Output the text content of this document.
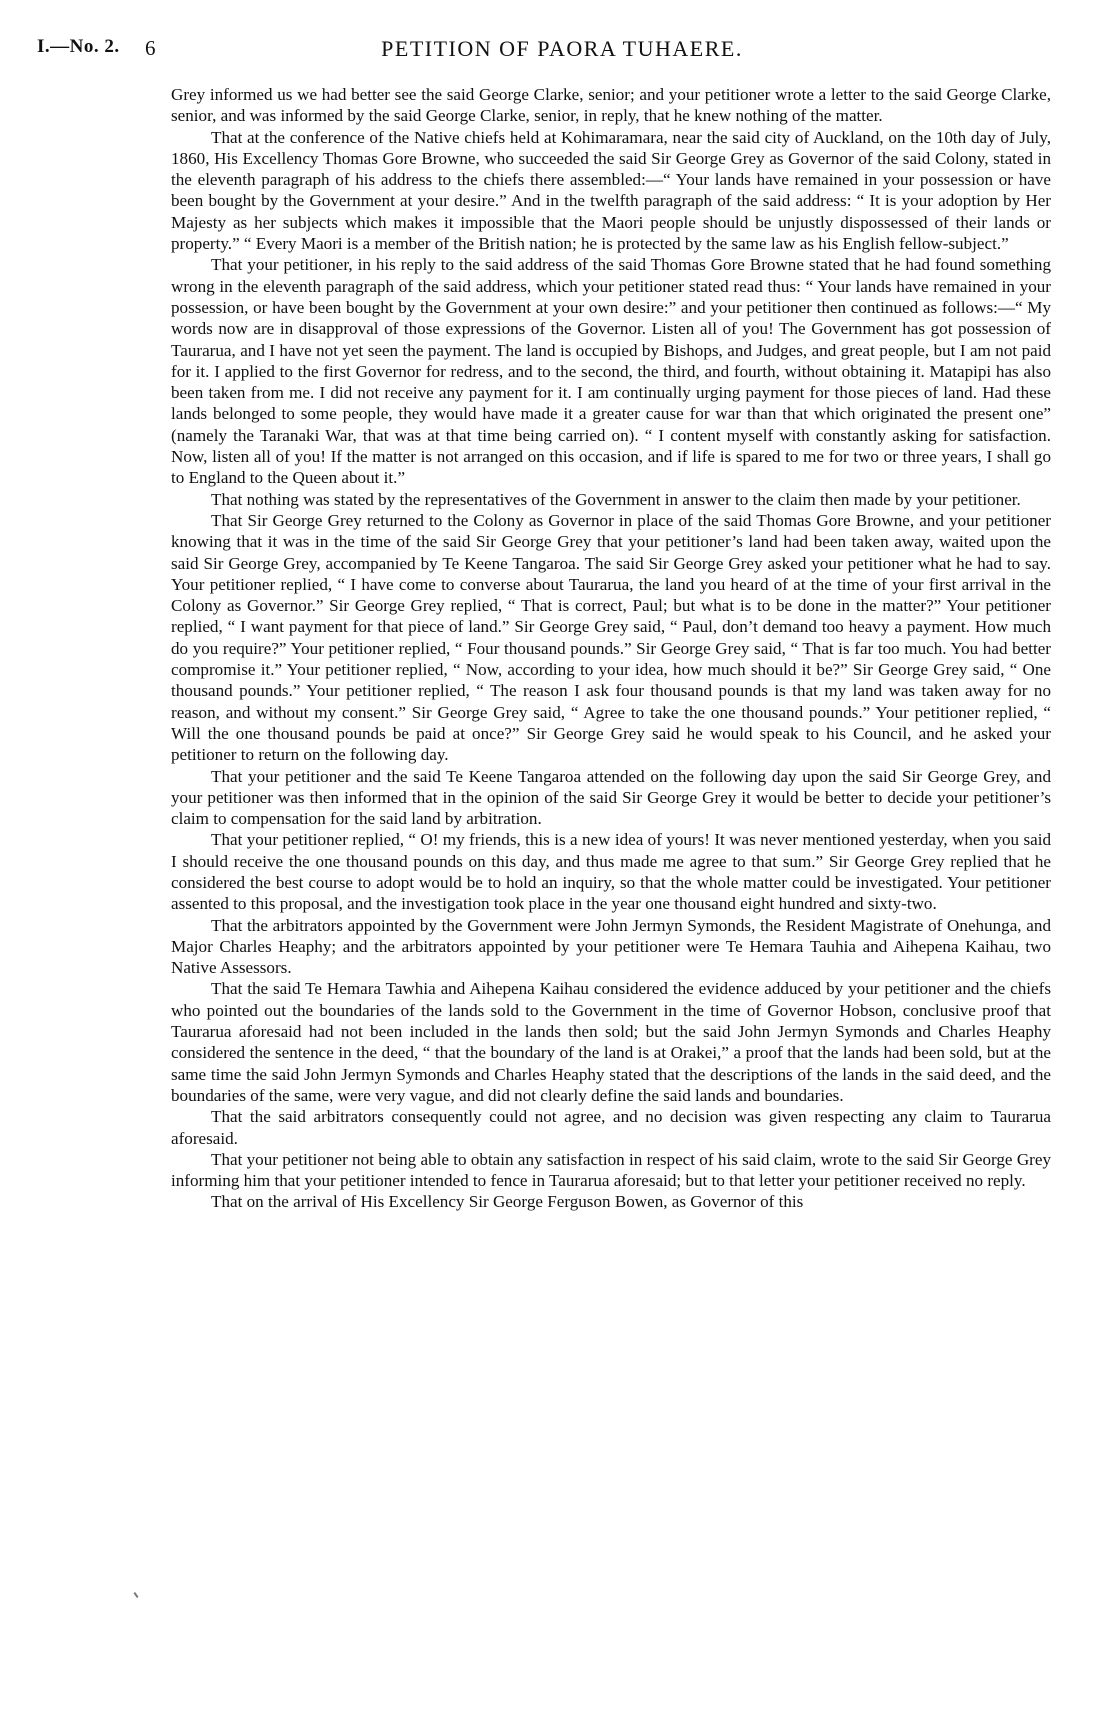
I.—No. 2. 6	PETITION OF PAORA TUHAERE.

Grey informed us we had better see the said George Clarke, senior; and your petitioner wrote a letter to the said George Clarke, senior, and was informed by the said George Clarke, senior, in reply, that he knew nothing of the matter.

That at the conference of the Native chiefs held at Kohimaramara, near the said city of Auckland, on the 10th day of July, 1860, His Excellency Thomas Gore Browne, who succeeded the said Sir George Grey as Governor of the said Colony, stated in the eleventh paragraph of his address to the chiefs there assembled:—“ Your lands have remained in your possession or have been bought by the Government at your desire.” And in the twelfth paragraph of the said address: “ It is your adoption by Her Majesty as her subjects which makes it impossible that the Maori people should be unjustly dispossessed of their lands or property.” “ Every Maori is a member of the British nation; he is protected by the same law as his English fellow-subject.”

That your petitioner, in his reply to the said address of the said Thomas Gore Browne stated that he had found something wrong in the eleventh paragraph of the said address, which your petitioner stated read thus: “ Your lands have remained in your possession, or have been bought by the Government at your own desire:” and your petitioner then continued as follows:—“ My words now are in disapproval of those expressions of the Governor. Listen all of you! The Government has got possession of Taurarua, and I have not yet seen the payment. The land is occupied by Bishops, and Judges, and great people, but I am not paid for it. I applied to the first Governor for redress, and to the second, the third, and fourth, without obtaining it. Matapipi has also been taken from me. I did not receive any payment for it. I am continually urging payment for those pieces of land. Had these lands belonged to some people, they would have made it a greater cause for war than that which originated the present one” (namely the Taranaki War, that was at that time being carried on). “ I content myself with constantly asking for satisfaction. Now, listen all of you! If the matter is not arranged on this occasion, and if life is spared to me for two or three years, I shall go to England to the Queen about it.”

That nothing was stated by the representatives of the Government in answer to the claim then made by your petitioner.

That Sir George Grey returned to the Colony as Governor in place of the said Thomas Gore Browne, and your petitioner knowing that it was in the time of the said Sir George Grey that your petitioner’s land had been taken away, waited upon the said Sir George Grey, accompanied by Te Keene Tangaroa. The said Sir George Grey asked your petitioner what he had to say. Your petitioner replied, “ I have come to converse about Taurarua, the land you heard of at the time of your first arrival in the Colony as Governor.” Sir George Grey replied, “ That is correct, Paul; but what is to be done in the matter?” Your petitioner replied, “ I want payment for that piece of land.” Sir George Grey said, “ Paul, don’t demand too heavy a payment. How much do you require?” Your petitioner replied, “ Four thousand pounds.” Sir George Grey said, “ That is far too much. You had better compromise it.” Your petitioner replied, “ Now, according to your idea, how much should it be?” Sir George Grey said, “ One thousand pounds.” Your petitioner replied, “ The reason I ask four thousand pounds is that my land was taken away for no reason, and without my consent.” Sir George Grey said, “ Agree to take the one thousand pounds.” Your petitioner replied, “ Will the one thousand pounds be paid at once?” Sir George Grey said he would speak to his Council, and he asked your petitioner to return on the following day.

That your petitioner and the said Te Keene Tangaroa attended on the following day upon the said Sir George Grey, and your petitioner was then informed that in the opinion of the said Sir George Grey it would be better to decide your petitioner’s claim to compensation for the said land by arbitration.

That your petitioner replied, “ O! my friends, this is a new idea of yours! It was never mentioned yesterday, when you said I should receive the one thousand pounds on this day, and thus made me agree to that sum.” Sir George Grey replied that he considered the best course to adopt would be to hold an inquiry, so that the whole matter could be investigated. Your petitioner assented to this proposal, and the investigation took place in the year one thousand eight hundred and sixty-two.

That the arbitrators appointed by the Government were John Jermyn Symonds, the Resident Magistrate of Onehunga, and Major Charles Heaphy; and the arbitrators appointed by your petitioner were Te Hemara Tauhia and Aihepena Kaihau, two Native Assessors.

That the said Te Hemara Tawhia and Aihepena Kaihau considered the evidence adduced by your petitioner and the chiefs who pointed out the boundaries of the lands sold to the Government in the time of Governor Hobson, conclusive proof that Taurarua aforesaid had not been included in the lands then sold; but the said John Jermyn Symonds and Charles Heaphy considered the sentence in the deed, “ that the boundary of the land is at Orakei,” a proof that the lands had been sold, but at the same time the said John Jermyn Symonds and Charles Heaphy stated that the descriptions of the lands in the said deed, and the boundaries of the same, were very vague, and did not clearly define the said lands and boundaries.

That the said arbitrators consequently could not agree, and no decision was given respecting any claim to Taurarua aforesaid.

That your petitioner not being able to obtain any satisfaction in respect of his said claim, wrote to the said Sir George Grey informing him that your petitioner intended to fence in Taurarua aforesaid; but to that letter your petitioner received no reply.

That on the arrival of His Excellency Sir George Ferguson Bowen, as Governor of this
